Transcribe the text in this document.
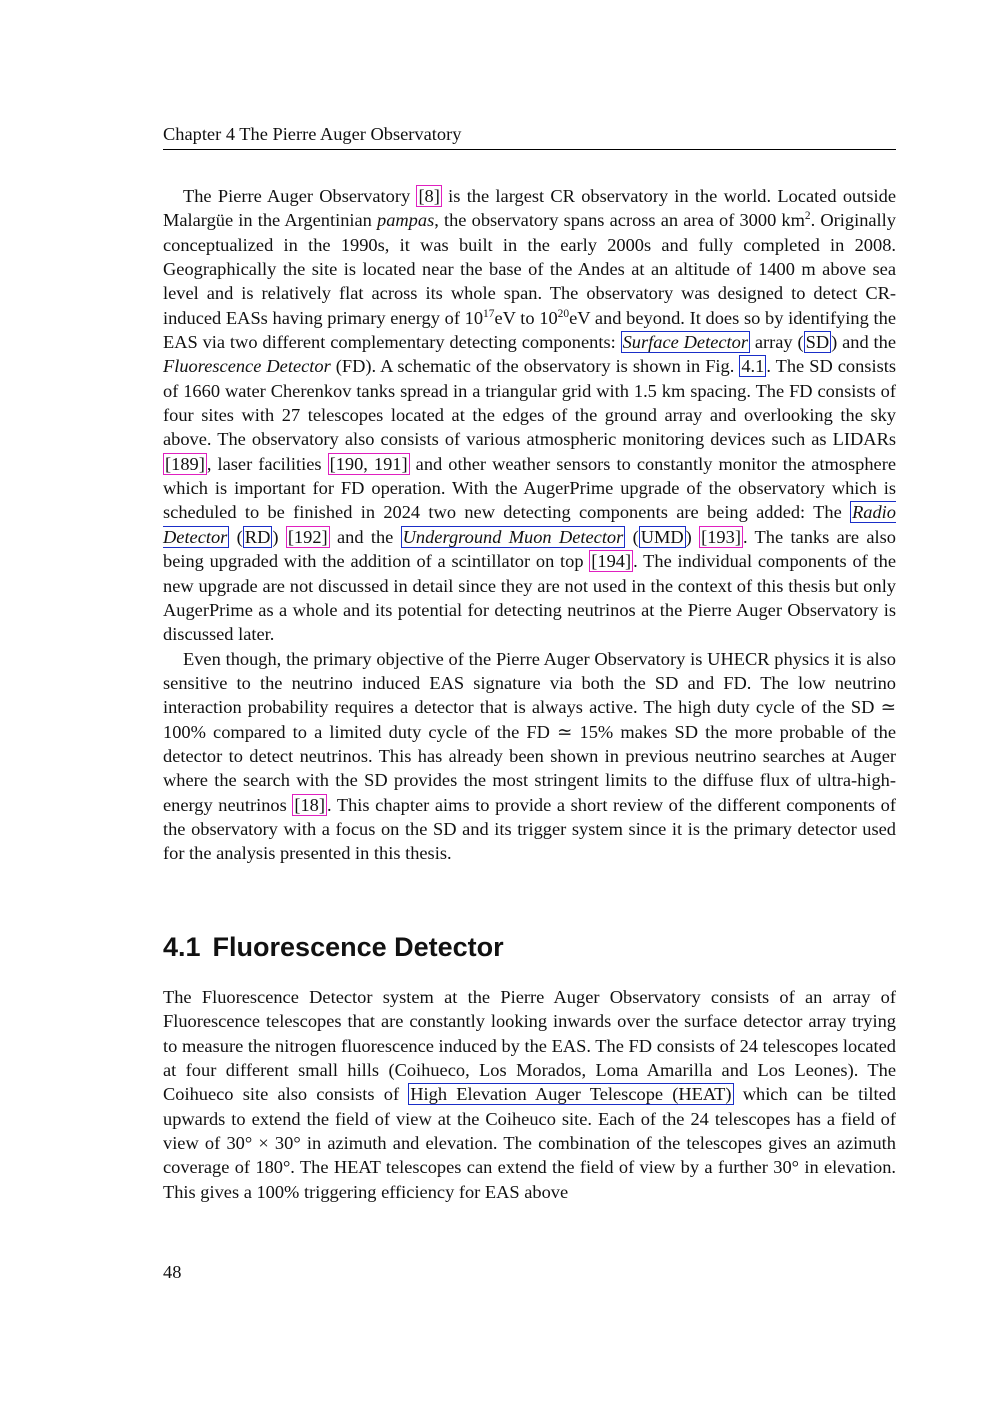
Chapter 4 The Pierre Auger Observatory

The Pierre Auger Observatory [8] is the largest CR observatory in the world. Located outside Malargüe in the Argentinian pampas, the observatory spans across an area of 3000 $km^2$. Originally conceptualized in the 1990s, it was built in the early 2000s and fully completed in 2008. Geographically the site is located near the base of the Andes at an altitude of 1400 m above sea level and is relatively flat across its whole span. The observatory was designed to detect CR-induced EASs having primary energy of $10^{17}eV$ to $10^{20}eV$ and beyond. It does so by identifying the EAS via two different complementary detecting components: Surface Detector array ( SD ) and the Fluorescence Detector (FD). A schematic of the observatory is shown in Fig. 4.1 . The SD consists of 1660 water Cherenkov tanks spread in a triangular grid with 1.5 km spacing. The FD consists of four sites with 27 telescopes located at the edges of the ground array and overlooking the sky above. The observatory also consists of various atmospheric monitoring devices such as LIDARs [189] , laser facilities [190, 191] and other weather sensors to constantly monitor the atmosphere which is important for FD operation. With the AugerPrime upgrade of the observatory which is scheduled to be finished in 2024 two new detecting components are being added: The Radio Detector ( RD ) [192] and the Underground Muon Detector ( UMD ) [193] . The tanks are also being upgraded with the addition of a scintillator on top [194] . The individual components of the new upgrade are not discussed in detail since they are not used in the context of this thesis but only AugerPrime as a whole and its potential for detecting neutrinos at the Pierre Auger Observatory is discussed later.

Even though, the primary objective of the Pierre Auger Observatory is UHECR physics it is also sensitive to the neutrino induced EAS signature via both the SD and FD. The low neutrino interaction probability requires a detector that is always active. The high duty cycle of the SD ≃ 100% compared to a limited duty cycle of the FD ≃ 15% makes SD the more probable of the detector to detect neutrinos. This has already been shown in previous neutrino searches at Auger where the search with the SD provides the most stringent limits to the diffuse flux of ultra-high-energy neutrinos [18] . This chapter aims to provide a short review of the different components of the observatory with a focus on the SD and its trigger system since it is the primary detector used for the analysis presented in this thesis.

4.1 Fluorescence Detector

The Fluorescence Detector system at the Pierre Auger Observatory consists of an array of Fluorescence telescopes that are constantly looking inwards over the surface detector array trying to measure the nitrogen fluorescence induced by the EAS. The FD consists of 24 telescopes located at four different small hills (Coihueco, Los Morados, Loma Amarilla and Los Leones). The Coihueco site also consists of High Elevation Auger Telescope (HEAT) which can be tilted upwards to extend the field of view at the Coiheuco site. Each of the 24 telescopes has a field of view of 30° × 30° in azimuth and elevation. The combination of the telescopes gives an azimuth coverage of 180°. The HEAT telescopes can extend the field of view by a further 30° in elevation. This gives a 100% triggering efficiency for EAS above

48
